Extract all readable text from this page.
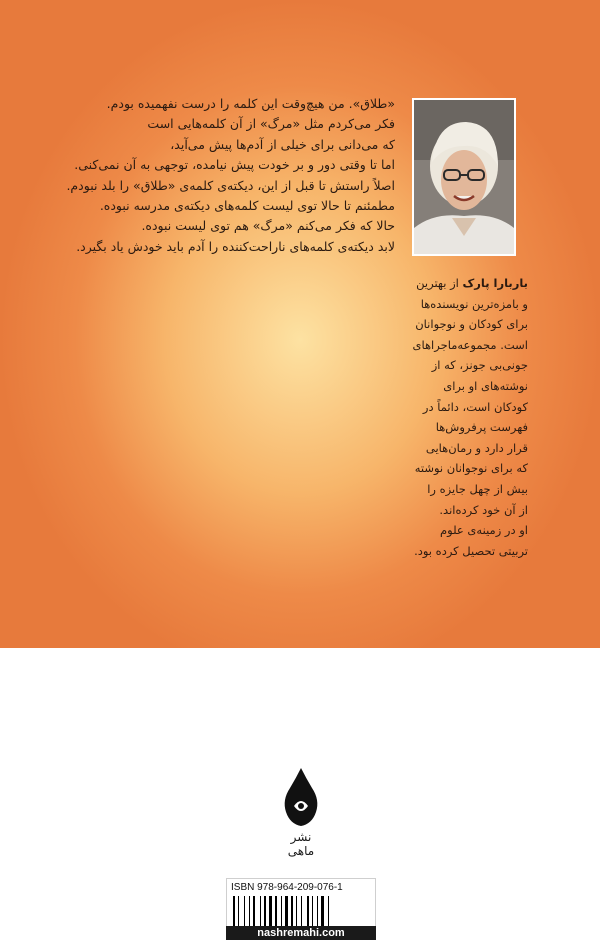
«طلاق». من هیچ‌وقت این کلمه را درست نفهمیده بودم.
فکر می‌کردم مثل «مرگ» از آن کلمه‌هایی است
که می‌دانی برای خیلی از آدم‌ها پیش می‌آید،
اما تا وقتی دور و بر خودت پیش نیامده، توجهی به آن نمی‌کنی.
اصلاً راستش تا قبل از این، دیکته‌ی کلمه‌ی «طلاق» را بلد نبودم.
مطمئنم تا حالا توی لیست کلمه‌های دیکته‌ی مدرسه نبوده.
حالا که فکر می‌کنم «مرگ» هم توی لیست نبوده.
لابد دیکته‌ی کلمه‌های ناراحت‌کننده را آدم باید خودش یاد بگیرد.
باربارا پارک از بهترین
و بامزه‌ترین نویسنده‌ها
برای کودکان و نوجوانان
است. مجموعه‌ماجراهای
جونی‌بی جونز، که از
نوشته‌های او برای
کودکان است، دائماً در
فهرست پرفروش‌ها
قرار دارد و رمان‌هایی
که برای نوجوانان نوشته
بیش از چهل جایزه را
از آن خود کرده‌اند.
او در زمینه‌ی علوم
تربیتی تحصیل کرده بود.
نشر ماهی
ISBN 978-964-209-076-1
nashremahi.com
